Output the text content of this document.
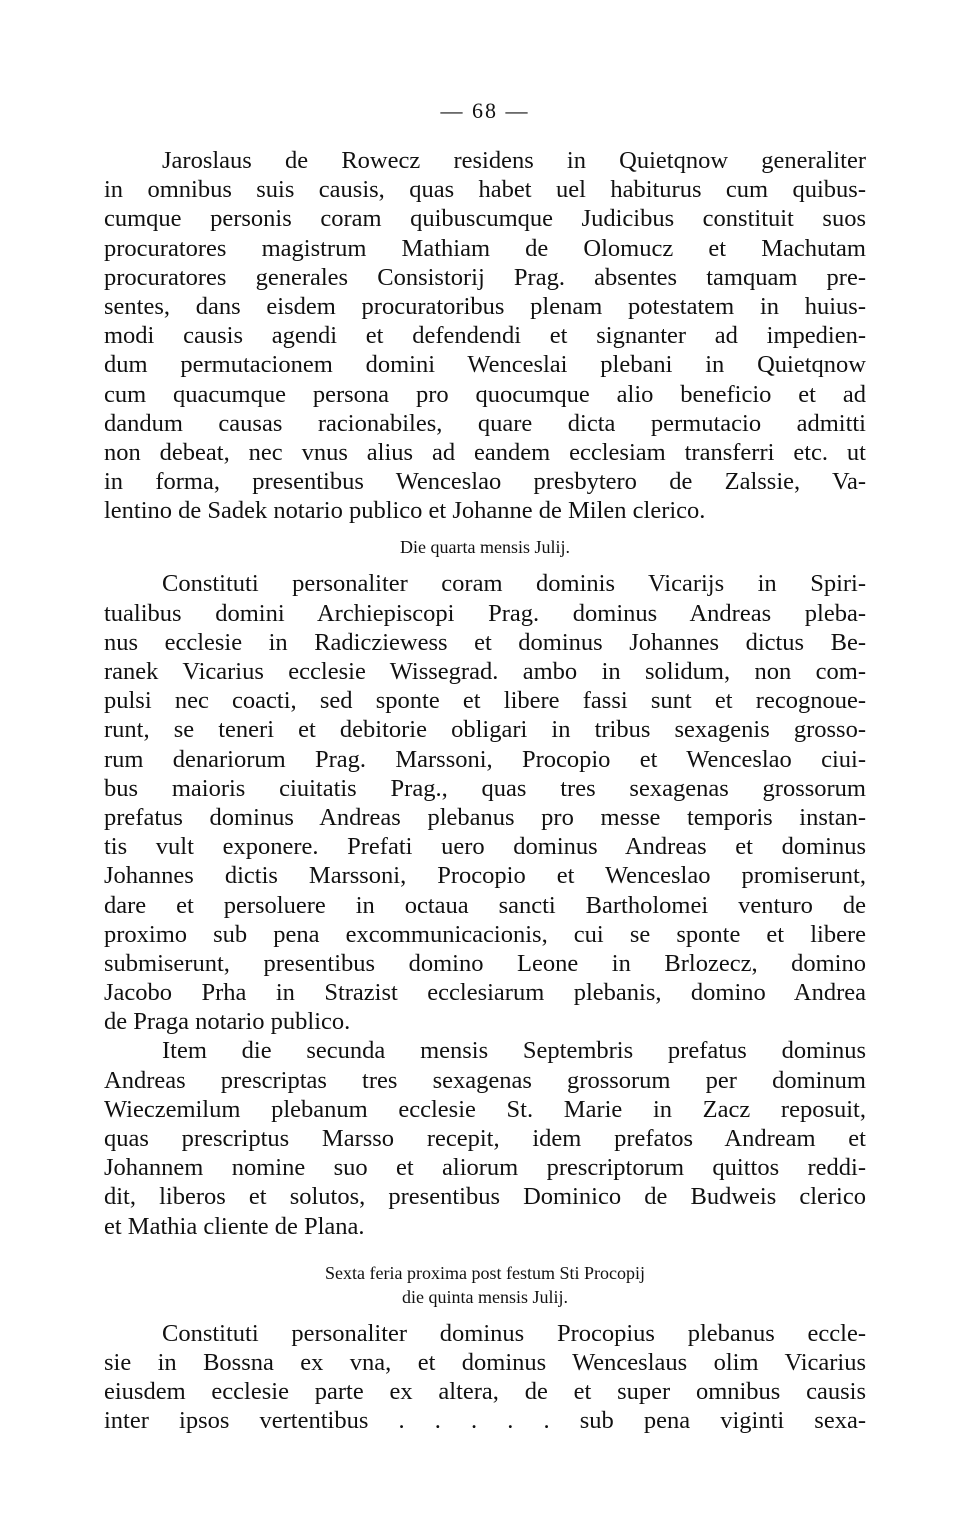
— 68 —
Jaroslaus de Rowecz residens in Quietqnow generaliter
in omnibus suis causis, quas habet uel habiturus cum quibus-
cumque personis coram quibuscumque Judicibus constituit suos
procuratores magistrum Mathiam de Olomucz et Machutam
procuratores generales Consistorij Prag. absentes tamquam pre-
sentes, dans eisdem procuratoribus plenam potestatem in huius-
modi causis agendi et defendendi et signanter ad impedien-
dum permutacionem domini Wenceslai plebani in Quietqnow
cum quacumque persona pro quocumque alio beneficio et ad
dandum causas racionabiles, quare dicta permutacio admitti
non debeat, nec vnus alius ad eandem ecclesiam transferri etc. ut
in forma, presentibus Wenceslao presbytero de Zalssie, Va-
lentino de Sadek notario publico et Johanne de Milen clerico.
Die quarta mensis Julij.
Constituti personaliter coram dominis Vicarijs in Spiri-
tualibus domini Archiepiscopi Prag. dominus Andreas pleba-
nus ecclesie in Radicziewess et dominus Johannes dictus Be-
ranek Vicarius ecclesie Wissegrad. ambo in solidum, non com-
pulsi nec coacti, sed sponte et libere fassi sunt et recognoue-
runt, se teneri et debitorie obligari in tribus sexagenis grosso-
rum denariorum Prag. Marssoni, Procopio et Wenceslao ciui-
bus maioris ciuitatis Prag., quas tres sexagenas grossorum
prefatus dominus Andreas plebanus pro messe temporis instan-
tis vult exponere. Prefati uero dominus Andreas et dominus
Johannes dictis Marssoni, Procopio et Wenceslao promiserunt,
dare et persoluere in octaua sancti Bartholomei venturo de
proximo sub pena excommunicacionis, cui se sponte et libere
submiserunt, presentibus domino Leone in Brlozecz, domino
Jacobo Prha in Strazist ecclesiarum plebanis, domino Andrea
de Praga notario publico.
Item die secunda mensis Septembris prefatus dominus
Andreas prescriptas tres sexagenas grossorum per dominum
Wieczemilum plebanum ecclesie St. Marie in Zacz reposuit,
quas prescriptus Marsso recepit, idem prefatos Andream et
Johannem nomine suo et aliorum prescriptorum quittos reddi-
dit, liberos et solutos, presentibus Dominico de Budweis clerico
et Mathia cliente de Plana.
Sexta feria proxima post festum Sti Procopij
die quinta mensis Julij.
Constituti personaliter dominus Procopius plebanus eccle-
sie in Bossna ex vna, et dominus Wenceslaus olim Vicarius
eiusdem ecclesie parte ex altera, de et super omnibus causis
inter ipsos vertentibus . . . . . sub pena viginti sexa-
